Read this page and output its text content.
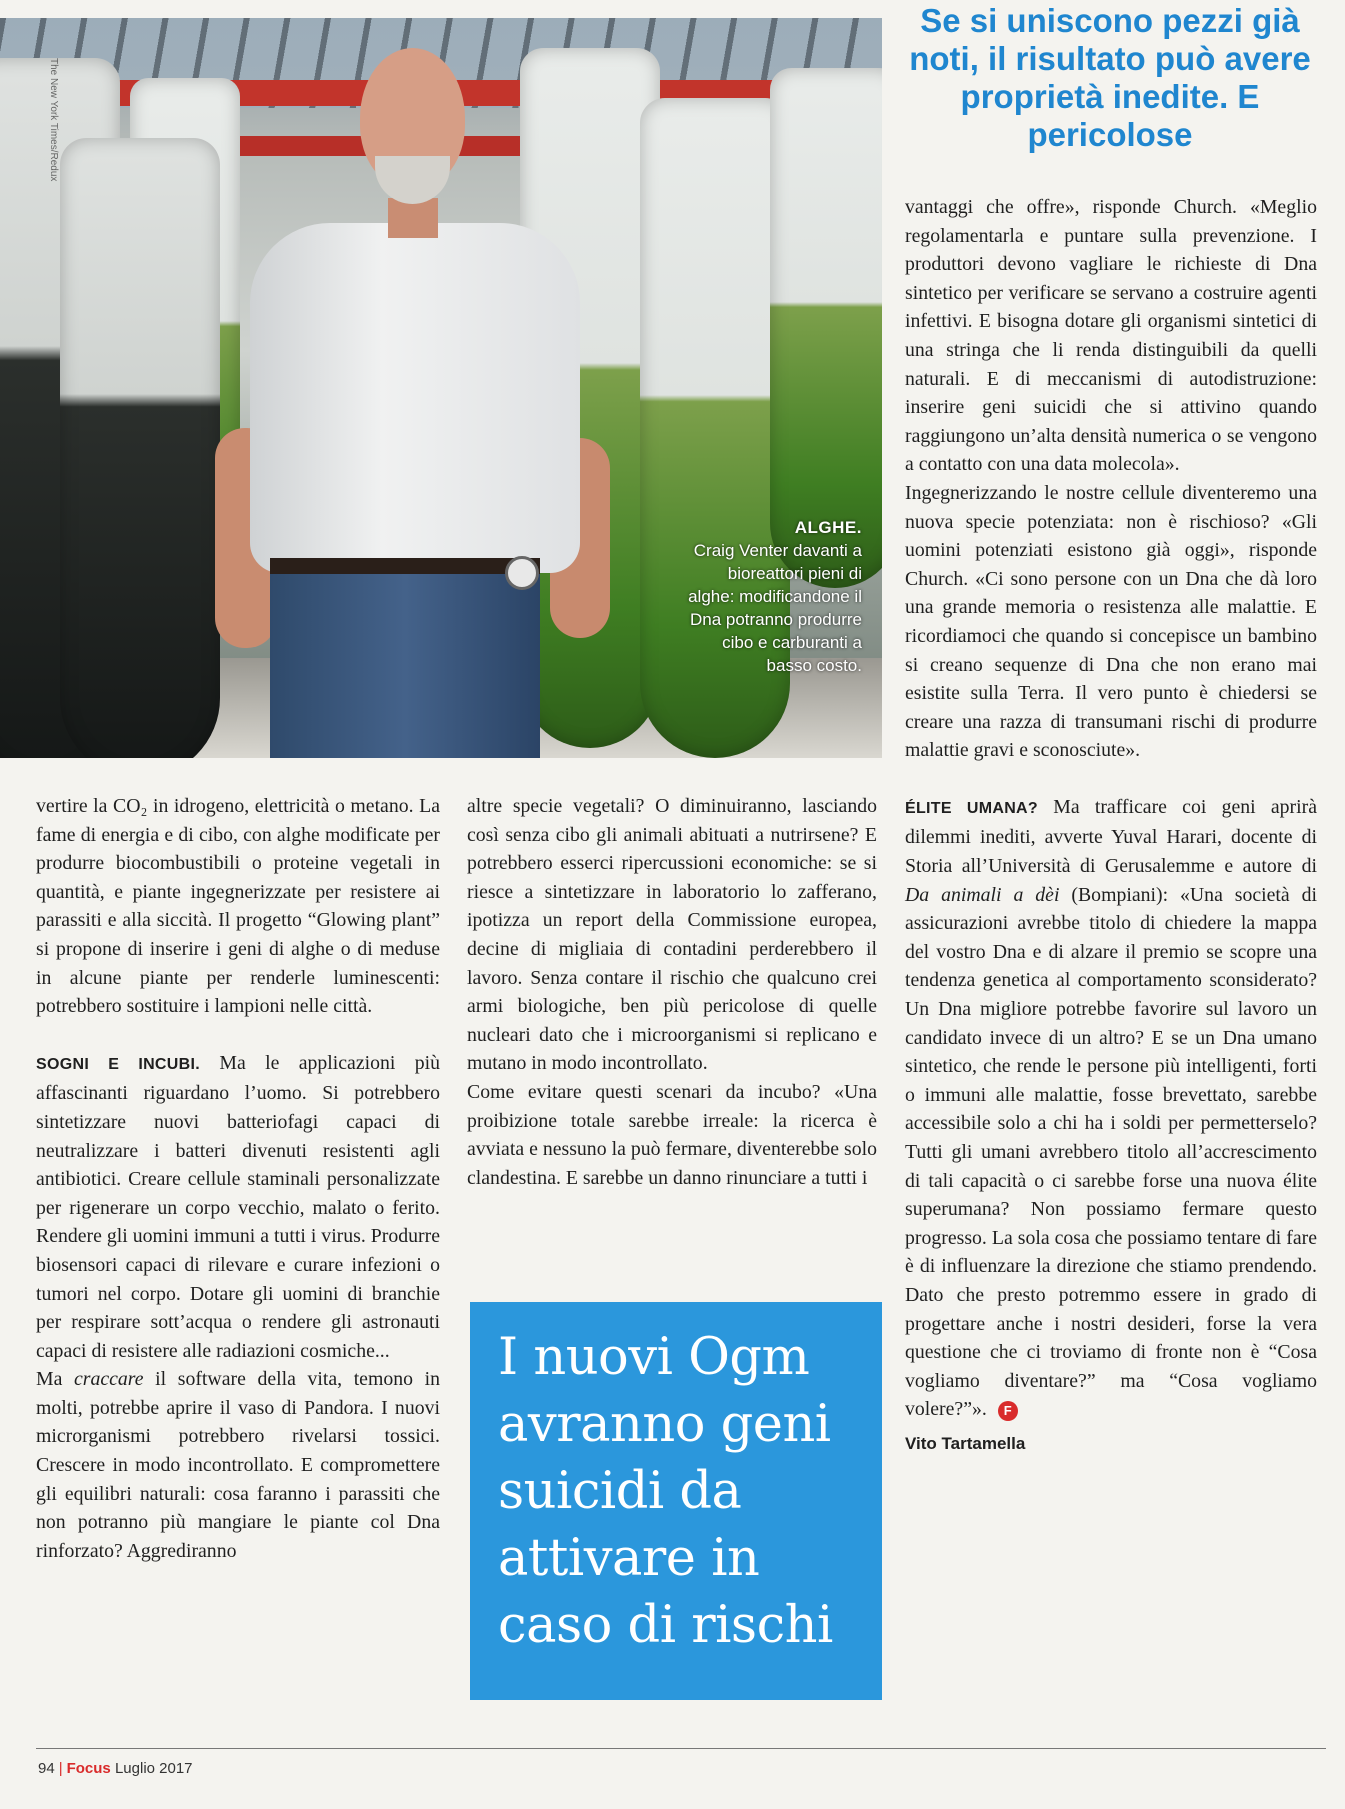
The New York Times/Redux
ALGHE.
Craig Venter davanti a bioreattori pieni di alghe: modificandone il Dna potranno produrre cibo e carburanti a basso costo.
Se si uniscono pezzi già noti, il risultato può avere proprietà inedite. E pericolose

vertire la CO₂ in idrogeno, elettricità o metano. La fame di energia e di cibo, con alghe modificate per produrre biocombustibili o proteine vegetali in quantità, e piante ingegnerizzate per resistere ai parassiti e alla siccità. Il progetto “Glowing plant” si propone di inserire i geni di alghe o di meduse in alcune piante per renderle luminescenti: potrebbero sostituire i lampioni nelle città.

SOGNI E INCUBI. Ma le applicazioni più affascinanti riguardano l’uomo. Si potrebbero sintetizzare nuovi batteriofagi capaci di neutralizzare i batteri divenuti resistenti agli antibiotici. Creare cellule staminali personalizzate per rigenerare un corpo vecchio, malato o ferito. Rendere gli uomini immuni a tutti i virus. Produrre biosensori capaci di rilevare e curare infezioni o tumori nel corpo. Dotare gli uomini di branchie per respirare sott’acqua o rendere gli astronauti capaci di resistere alle radiazioni cosmiche...

Ma craccare il software della vita, temono in molti, potrebbe aprire il vaso di Pandora. I nuovi microrganismi potrebbero rivelarsi tossici. Crescere in modo incontrollato. E compromettere gli equilibri naturali: cosa faranno i parassiti che non potranno più mangiare le piante col Dna rinforzato? Aggrediranno

altre specie vegetali? O diminuiranno, lasciando così senza cibo gli animali abituati a nutrirsene? E potrebbero esserci ripercussioni economiche: se si riesce a sintetizzare in laboratorio lo zafferano, ipotizza un report della Commissione europea, decine di migliaia di contadini perderebbero il lavoro. Senza contare il rischio che qualcuno crei armi biologiche, ben più pericolose di quelle nucleari dato che i microorganismi si replicano e mutano in modo incontrollato.

Come evitare questi scenari da incubo? «Una proibizione totale sarebbe irreale: la ricerca è avviata e nessuno la può fermare, diventerebbe solo clandestina. E sarebbe un danno rinunciare a tutti i

I nuovi Ogm avranno geni suicidi da attivare in caso di rischi

vantaggi che offre», risponde Church. «Meglio regolamentarla e puntare sulla prevenzione. I produttori devono vagliare le richieste di Dna sintetico per verificare se servano a costruire agenti infettivi. E bisogna dotare gli organismi sintetici di una stringa che li renda distinguibili da quelli naturali. E di meccanismi di autodistruzione: inserire geni suicidi che si attivino quando raggiungono un’alta densità numerica o se vengono a contatto con una data molecola».

Ingegnerizzando le nostre cellule diventeremo una nuova specie potenziata: non è rischioso? «Gli uomini potenziati esistono già oggi», risponde Church. «Ci sono persone con un Dna che dà loro una grande memoria o resistenza alle malattie. E ricordiamoci che quando si concepisce un bambino si creano sequenze di Dna che non erano mai esistite sulla Terra. Il vero punto è chiedersi se creare una razza di transumani rischi di produrre malattie gravi e sconosciute».

ÉLITE UMANA? Ma trafficare coi geni aprirà dilemmi inediti, avverte Yuval Harari, docente di Storia all’Università di Gerusalemme e autore di Da animali a dèi (Bompiani): «Una società di assicurazioni avrebbe titolo di chiedere la mappa del vostro Dna e di alzare il premio se scopre una tendenza genetica al comportamento sconsiderato? Un Dna migliore potrebbe favorire sul lavoro un candidato invece di un altro? E se un Dna umano sintetico, che rende le persone più intelligenti, forti o immuni alle malattie, fosse brevettato, sarebbe accessibile solo a chi ha i soldi per permetterselo? Tutti gli umani avrebbero titolo all’accrescimento di tali capacità o ci sarebbe forse una nuova élite superumana? Non possiamo fermare questo progresso. La sola cosa che possiamo tentare di fare è di influenzare la direzione che stiamo prendendo. Dato che presto potremmo essere in grado di progettare anche i nostri desideri, forse la vera questione che ci troviamo di fronte non è “Cosa vogliamo diventare?” ma “Cosa vogliamo volere?”». F

Vito Tartamella
94 | Focus Luglio 2017
